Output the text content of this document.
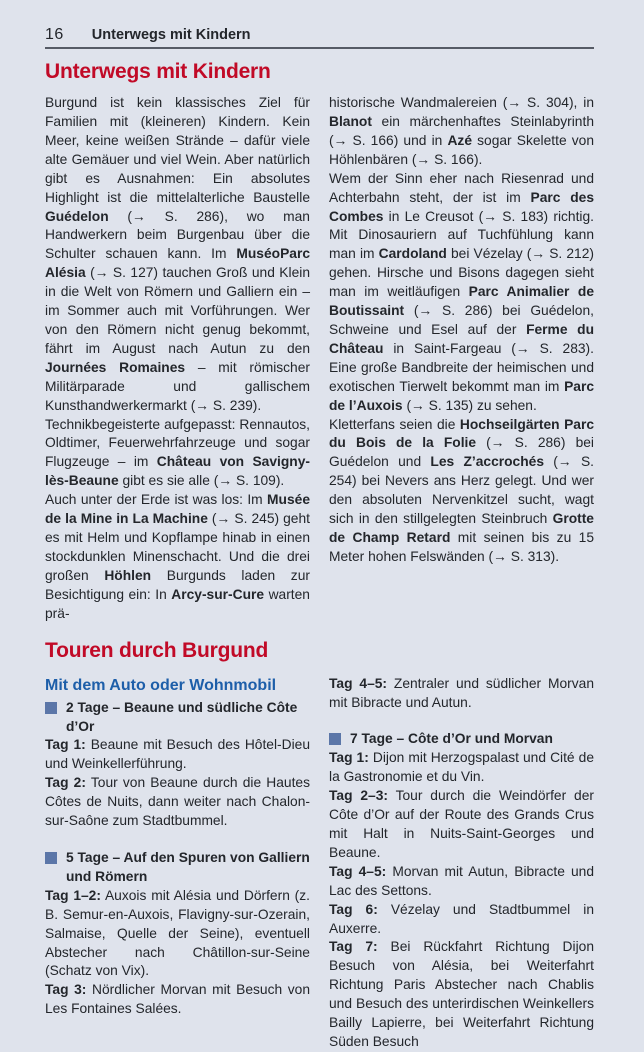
16 Unterwegs mit Kindern
Unterwegs mit Kindern

Burgund ist kein klassisches Ziel für Familien mit (kleineren) Kindern. Kein Meer, keine weißen Strände – dafür viele alte Gemäuer und viel Wein. Aber natürlich gibt es Ausnahmen: Ein absolutes Highlight ist die mittelalterliche Baustelle Guédelon (→ S. 286), wo man Handwerkern beim Burgenbau über die Schulter schauen kann. Im MuséoParc Alésia (→ S. 127) tauchen Groß und Klein in die Welt von Römern und Galliern ein – im Sommer auch mit Vorführungen. Wer von den Römern nicht genug bekommt, fährt im August nach Autun zu den Journées Romaines – mit römischer Militärparade und gallischem Kunsthandwerkermarkt (→ S. 239).

Technikbegeisterte aufgepasst: Rennautos, Oldtimer, Feuerwehrfahrzeuge und sogar Flugzeuge – im Château von Savigny-lès-Beaune gibt es sie alle (→ S. 109).

Auch unter der Erde ist was los: Im Musée de la Mine in La Machine (→ S. 245) geht es mit Helm und Kopflampe hinab in einen stockdunklen Minenschacht. Und die drei großen Höhlen Burgunds laden zur Besichtigung ein: In Arcy-sur-Cure warten prä-

historische Wandmalereien (→ S. 304), in Blanot ein märchenhaftes Steinlabyrinth (→ S. 166) und in Azé sogar Skelette von Höhlenbären (→ S. 166).

Wem der Sinn eher nach Riesenrad und Achterbahn steht, der ist im Parc des Combes in Le Creusot (→ S. 183) richtig. Mit Dinosauriern auf Tuchfühlung kann man im Cardoland bei Vézelay (→ S. 212) gehen. Hirsche und Bisons dagegen sieht man im weitläufigen Parc Animalier de Boutissaint (→ S. 286) bei Guédelon, Schweine und Esel auf der Ferme du Château in Saint-Fargeau (→ S. 283). Eine große Bandbreite der heimischen und exotischen Tierwelt bekommt man im Parc de l’Auxois (→ S. 135) zu sehen.

Kletterfans seien die Hochseilgärten Parc du Bois de la Folie (→ S. 286) bei Guédelon und Les Z’accrochés (→ S. 254) bei Nevers ans Herz gelegt. Und wer den absoluten Nervenkitzel sucht, wagt sich in den stillgelegten Steinbruch Grotte de Champ Retard mit seinen bis zu 15 Meter hohen Felswänden (→ S. 313).

Touren durch Burgund
Mit dem Auto oder Wohnmobil
2 Tage – Beaune und südliche Côte d’Or

Tag 1: Beaune mit Besuch des Hôtel-Dieu und Weinkellerführung.

Tag 2: Tour von Beaune durch die Hautes Côtes de Nuits, dann weiter nach Chalon-sur-Saône zum Stadtbummel.

5 Tage – Auf den Spuren von Galliern und Römern

Tag 1–2: Auxois mit Alésia und Dörfern (z. B. Semur-en-Auxois, Flavigny-sur-Ozerain, Salmaise, Quelle der Seine), eventuell Abstecher nach Châtillon-sur-Seine (Schatz von Vix).

Tag 3: Nördlicher Morvan mit Besuch von Les Fontaines Salées.

Tag 4–5: Zentraler und südlicher Morvan mit Bibracte und Autun.

7 Tage – Côte d’Or und Morvan

Tag 1: Dijon mit Herzogspalast und Cité de la Gastronomie et du Vin.

Tag 2–3: Tour durch die Weindörfer der Côte d’Or auf der Route des Grands Crus mit Halt in Nuits-Saint-Georges und Beaune.

Tag 4–5: Morvan mit Autun, Bibracte und Lac des Settons.

Tag 6: Vézelay und Stadtbummel in Auxerre.

Tag 7: Bei Rückfahrt Richtung Dijon Besuch von Alésia, bei Weiterfahrt Richtung Paris Abstecher nach Chablis und Besuch des unterirdischen Weinkellers Bailly Lapierre, bei Weiterfahrt Richtung Süden Besuch
